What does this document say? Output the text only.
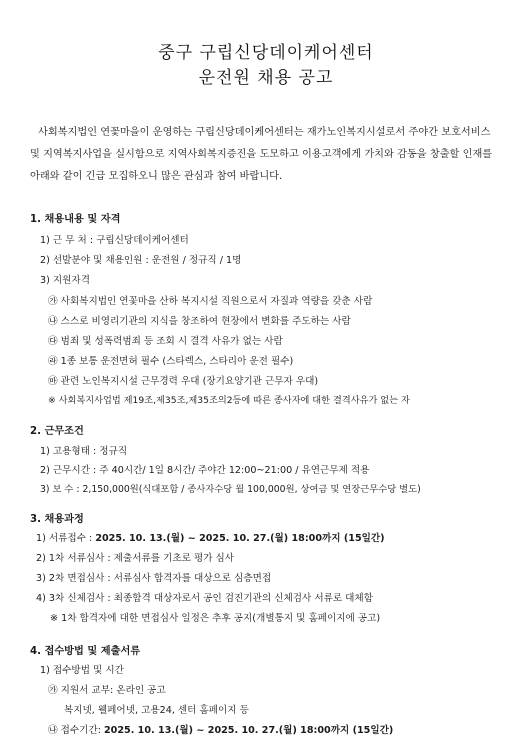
중구 구립신당데이케어센터
운전원 채용 공고
사회복지법인 연꽃마을이 운영하는 구립신당데이케어센터는 재가노인복지시설로서 주야간 보호서비스 및 지역복지사업을 실시함으로 지역사회복지증진을 도모하고 이용고객에게 가치와 감동을 창출할 인재를 아래와 같이 긴급 모집하오니 많은 관심과 참여 바랍니다.
1. 채용내용 및 자격
1) 근 무 처 : 구립신당데이케어센터
2) 선발분야 및 채용인원 : 운전원 / 정규직 / 1명
3) 지원자격
㉮ 사회복지법인 연꽃마을 산하 복지시설 직원으로서 자질과 역량을 갖춘 사람
㉯ 스스로 비영리기관의 지식을 창조하여 현장에서 변화를 주도하는 사람
㉰ 범죄 및 성폭력범죄 등 조회 시 결격 사유가 없는 사람
㉱ 1종 보통 운전면허 필수 (스타렉스, 스타리아 운전 필수)
㉲ 관련 노인복지시설 근무경력 우대 (장기요양기관 근무자 우대)
※ 사회복지사업법 제19조,제35조,제35조의2등에 따른 종사자에 대한 결격사유가 없는 자
2. 근무조건
1) 고용형태 : 정규직
2) 근무시간 : 주 40시간/ 1일 8시간/ 주야간 12:00~21:00 / 유연근무제 적용
3) 보 수 : 2,150,000원(식대포함 / 종사자수당 월 100,000원, 상여금 및 연장근무수당 별도)
3. 채용과정
1) 서류접수 : 2025. 10. 13.(월) ~ 2025. 10. 27.(월) 18:00까지 (15일간)
2) 1차 서류심사 : 제출서류를 기초로 평가 심사
3) 2차 면접심사 : 서류심사 합격자를 대상으로 심층면접
4) 3차 신체검사 : 최종합격 대상자로서 공인 검진기관의 신체검사 서류로 대체함
※ 1차 합격자에 대한 면접심사 일정은 추후 공지(개별통지 및 홈페이지에 공고)
4. 접수방법 및 제출서류
1) 접수방법 및 시간
㉮ 지원서 교부: 온라인 공고
복지넷, 웰페어넷, 고용24, 센터 홈페이지 등
㉯ 접수기간: 2025. 10. 13.(월) ~ 2025. 10. 27.(월) 18:00까지 (15일간)
